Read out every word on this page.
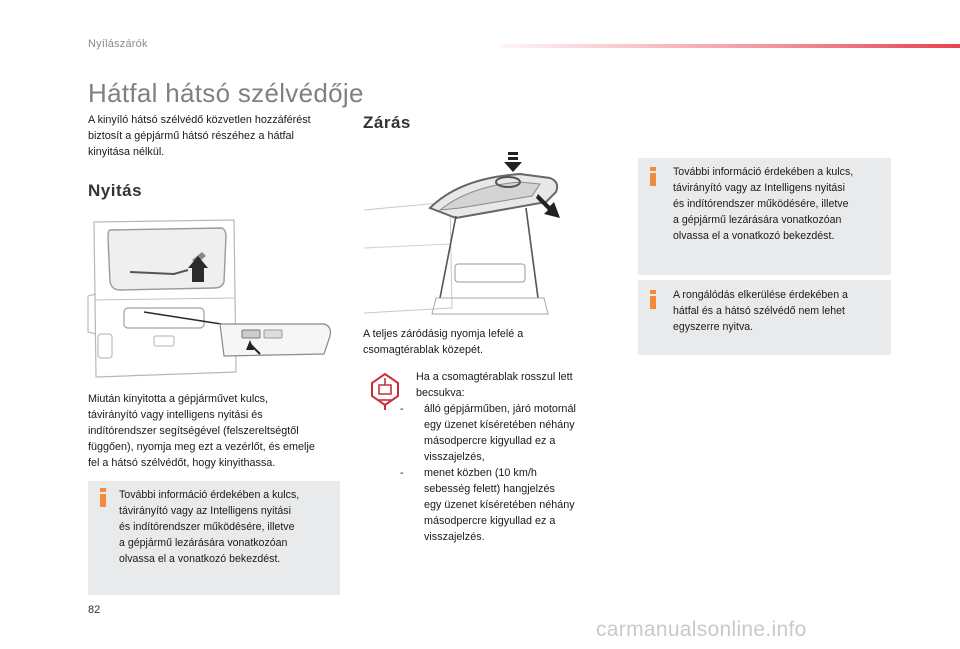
Nyílászárók
Hátfal hátsó szélvédője
A kinyíló hátsó szélvédő közvetlen hozzáférést
biztosít a gépjármű hátsó részéhez a hátfal
kinyitása nélkül.
Nyitás
Miután kinyitotta a gépjárművet kulcs,
távirányító vagy intelligens nyitási és
indítórendszer segítségével (felszereltségtől
függően), nyomja meg ezt a vezérlőt, és emelje
fel a hátsó szélvédőt, hogy kinyithassa.
További információ érdekében a kulcs,
távirányító vagy az Intelligens nyitási
és indítórendszer működésére, illetve
a gépjármű lezárására vonatkozóan
olvassa el a vonatkozó bekezdést.
Zárás
A teljes záródásig nyomja lefelé a
csomagtérablak közepét.
Ha a csomagtérablak rosszul lett
becsukva:
-	álló gépjárműben, járó motornál
egy üzenet kíséretében néhány
másodpercre kigyullad ez a
visszajelzés,
-	menet közben (10 km/h
sebesség felett) hangjelzés
egy üzenet kíséretében néhány
másodpercre kigyullad ez a
visszajelzés.
További információ érdekében a kulcs,
távirányító vagy az Intelligens nyitási
és indítórendszer működésére, illetve
a gépjármű lezárására vonatkozóan
olvassa el a vonatkozó bekezdést.
A rongálódás elkerülése érdekében a
hátfal és a hátsó szélvédő nem lehet
egyszerre nyitva.
82
carmanualsonline.info
